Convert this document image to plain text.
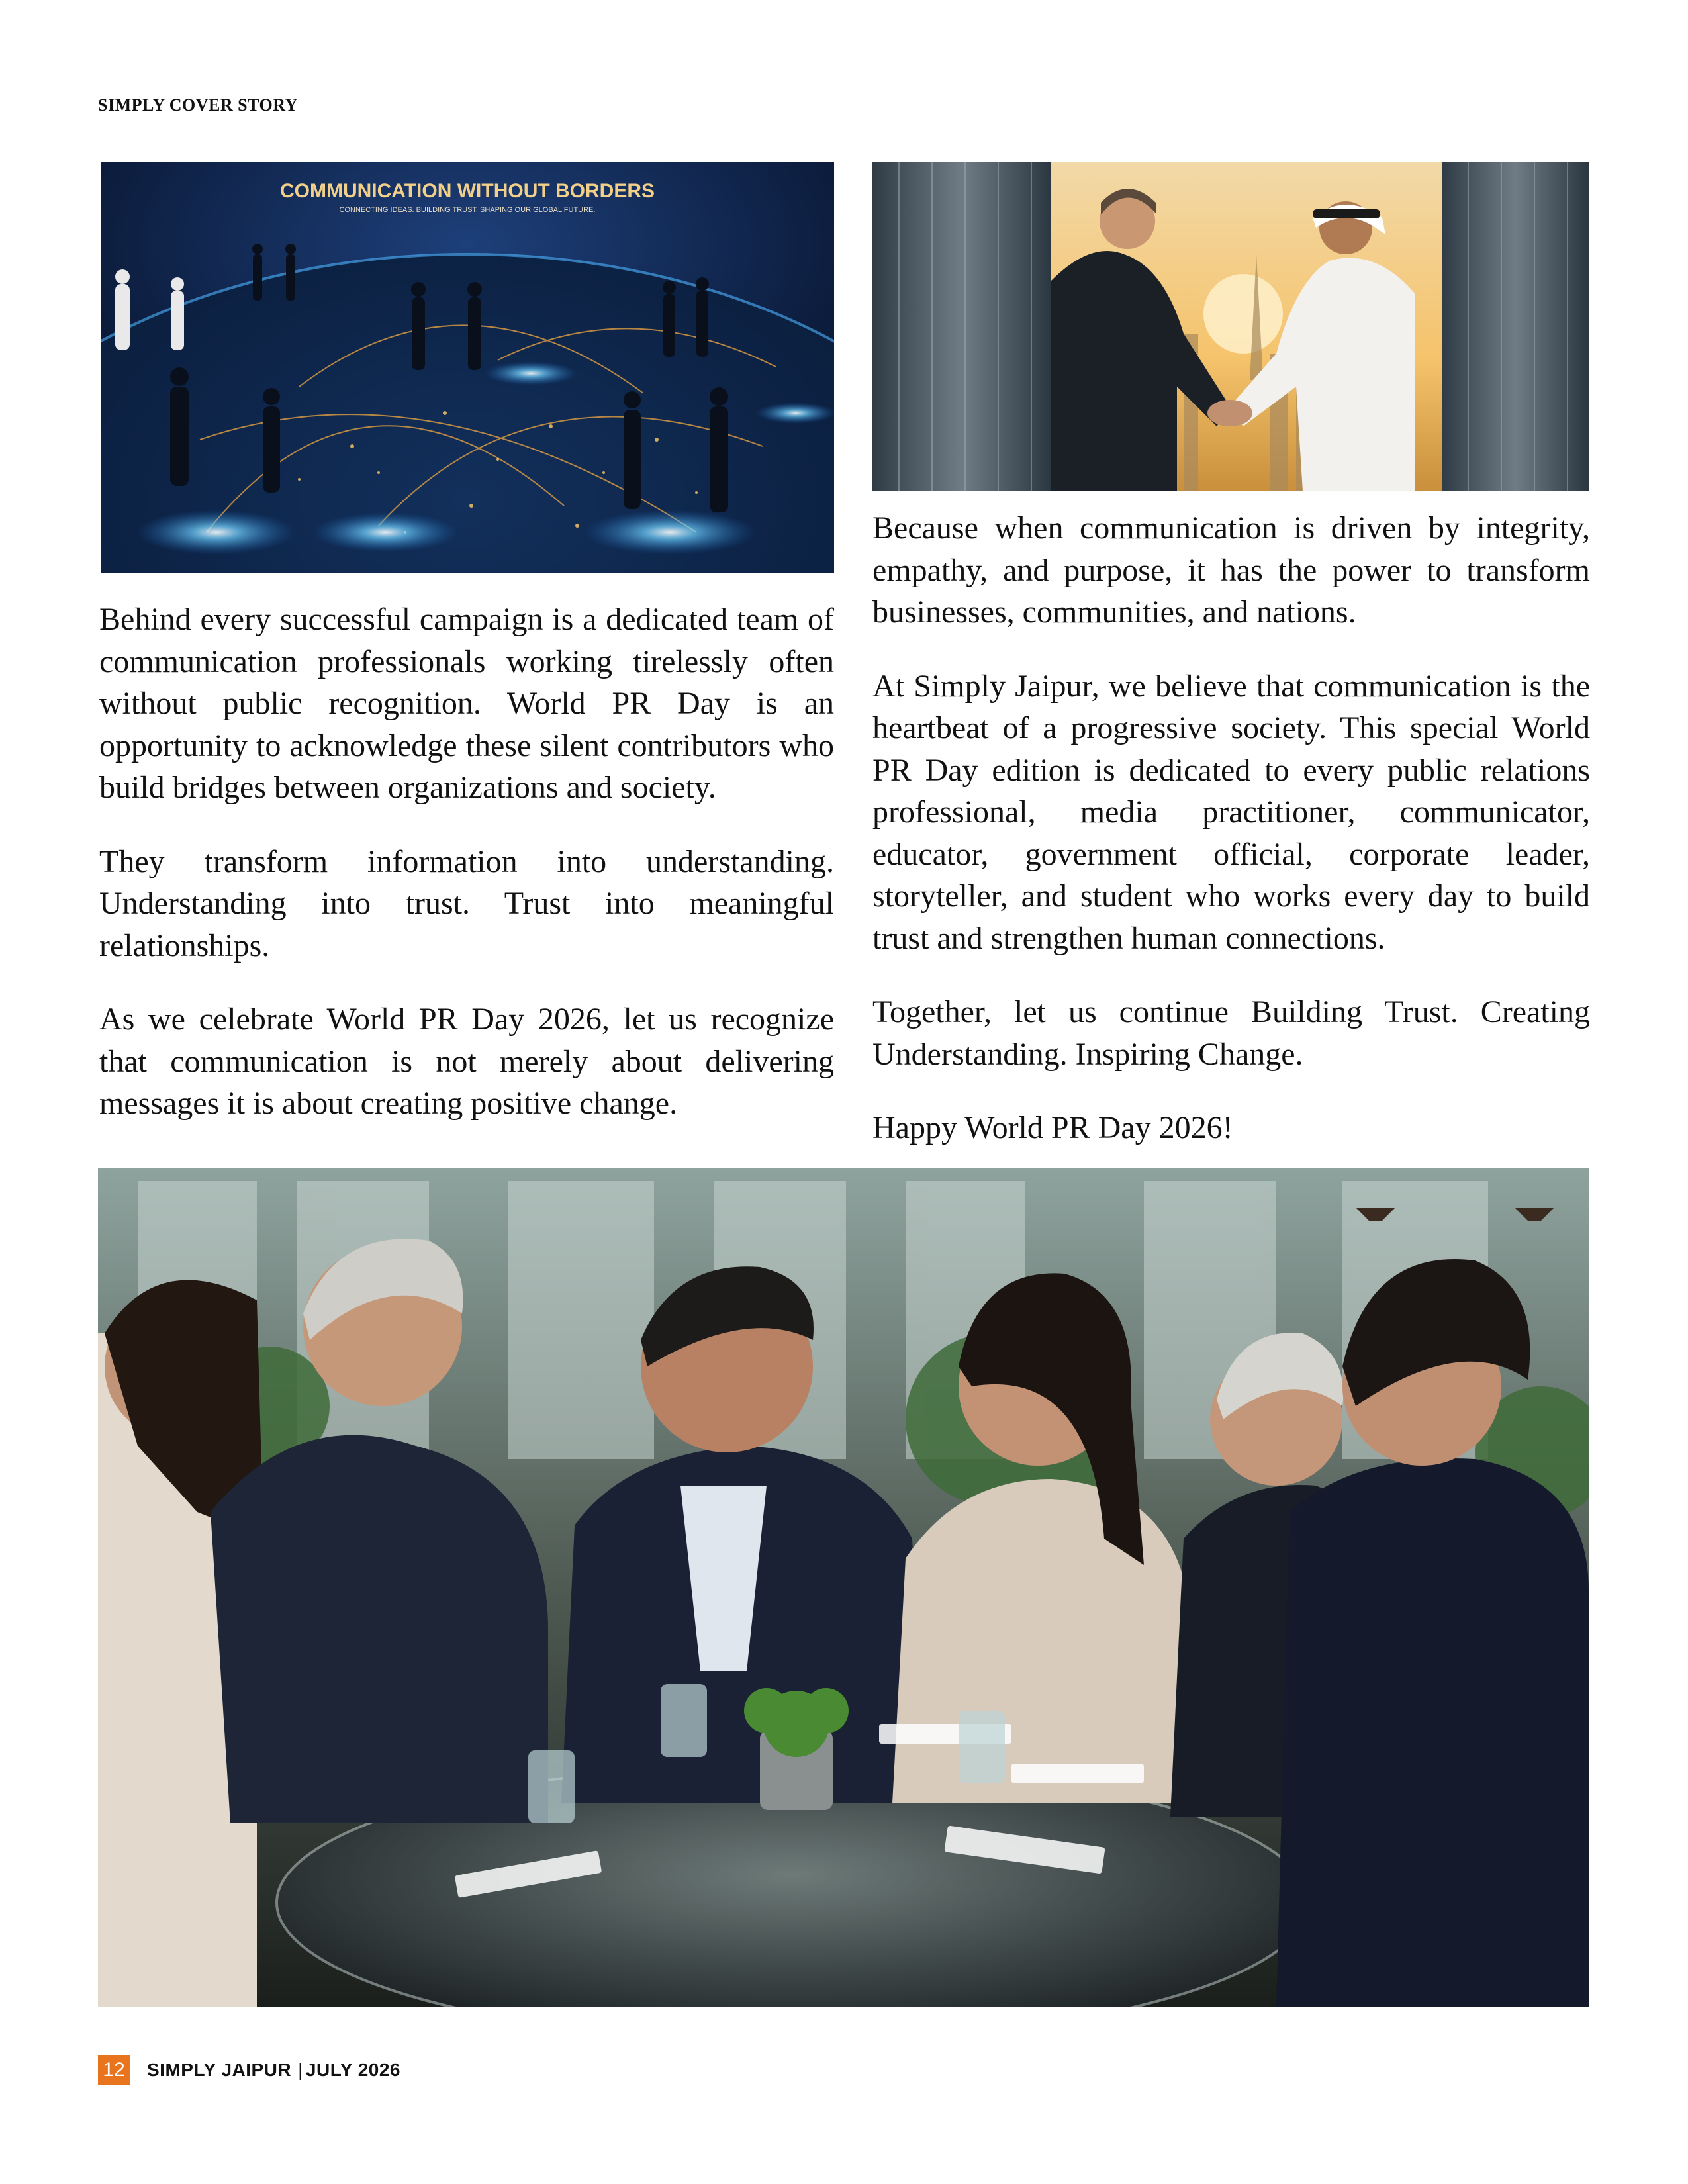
SIMPLY COVER STORY
COMMUNICATION WITHOUT BORDERS
CONNECTING IDEAS. BUILDING TRUST. SHAPING OUR GLOBAL FUTURE.

Behind every successful campaign is a dedicated team of communication professionals working tirelessly often without public recognition. World PR Day is an opportunity to acknowledge these silent contributors who build bridges between organizations and society.

They transform information into understanding. Understanding into trust. Trust into meaningful relationships.

As we celebrate World PR Day 2026, let us recognize that communication is not merely about delivering messages it is about creating positive change.

Because when communication is driven by integrity, empathy, and purpose, it has the power to transform businesses, communities, and nations.

At Simply Jaipur, we believe that communication is the heartbeat of a progressive society. This special World PR Day edition is dedicated to every public relations professional, media practitioner, communicator, educator, government official, corporate leader, storyteller, and student who works every day to build trust and strengthen human connections.

Together, let us continue Building Trust. Creating Understanding. Inspiring Change.

Happy World PR Day 2026!

12 SIMPLY JAIPUR | JULY 2026
